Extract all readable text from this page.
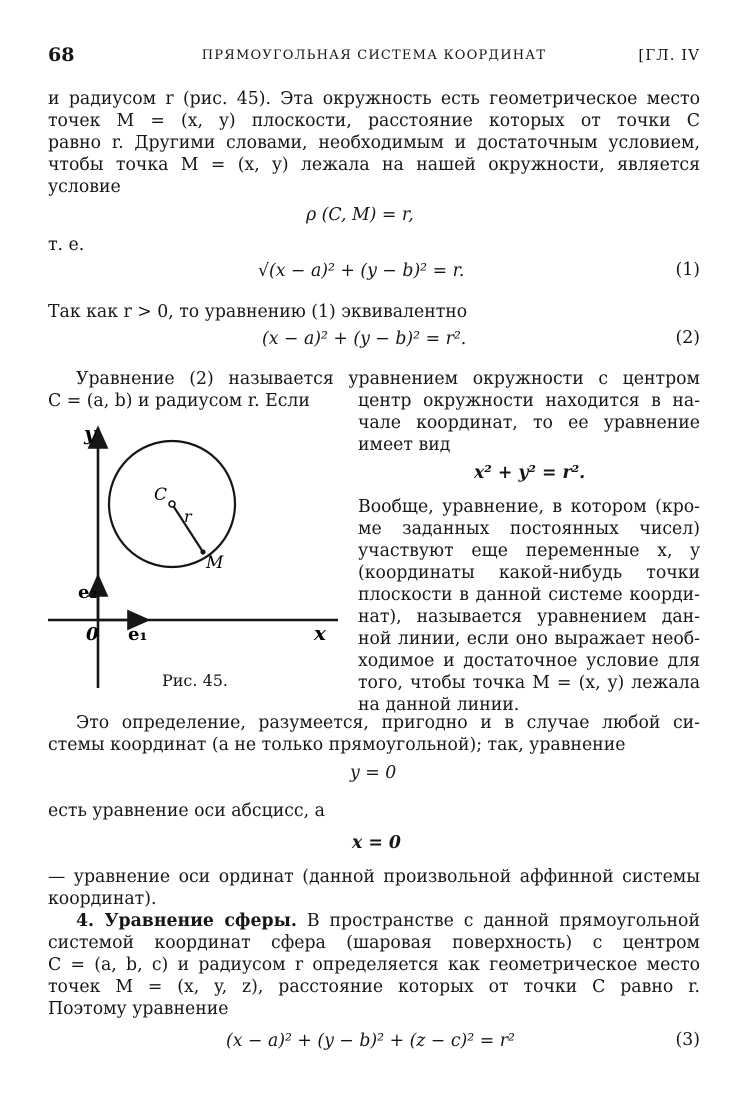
68	ПРЯМОУГОЛЬНАЯ СИСТЕМА КООРДИНАТ	[ГЛ. IV
и радиусом r (рис. 45). Эта окружность есть геометрическое место
точек M = (x, y) плоскости, расстояние которых от точки C
равно r. Другими словами, необходимым и достаточным условием,
чтобы точка M = (x, y) лежала на нашей окружности, является
условие
ρ (C, M) = r,
т. е.
√(x − a)² + (y − b)² = r.	(1)
Так как r > 0, то уравнению (1) эквивалентно
(x − a)² + (y − b)² = r².	(2)
Уравнение (2) называется уравнением окружности с центром
C = (a, b) и радиусом r. Если	центр окружности находится в на-
чале координат, то ее уравнение
имеет вид
x² + y² = r².
Вообще, уравнение, в котором (кро-
ме заданных постоянных чисел)
участвуют еще переменные x, y
(координаты какой-нибудь точки
плоскости в данной системе коорди-
нат), называется уравнением дан-
ной линии, если оно выражает необ-
ходимое и достаточное условие для
того, чтобы точка M = (x, y) лежала
на данной линии.
y
x
0 e₁
e₂
C
r
M
Рис. 45.
Это определение, разумеется, пригодно и в случае любой си-
стемы координат (а не только прямоугольной); так, уравнение
y = 0
есть уравнение оси абсцисс, а
x = 0
— уравнение оси ординат (данной произвольной аффинной системы
координат).
4. Уравнение сферы. В пространстве с данной прямоугольной
системой координат сфера (шаровая поверхность) с центром
C = (a, b, c) и радиусом r определяется как геометрическое место
точек M = (x, y, z), расстояние которых от точки C равно r.
Поэтому уравнение
(x − a)² + (y − b)² + (z − c)² = r²	(3)
